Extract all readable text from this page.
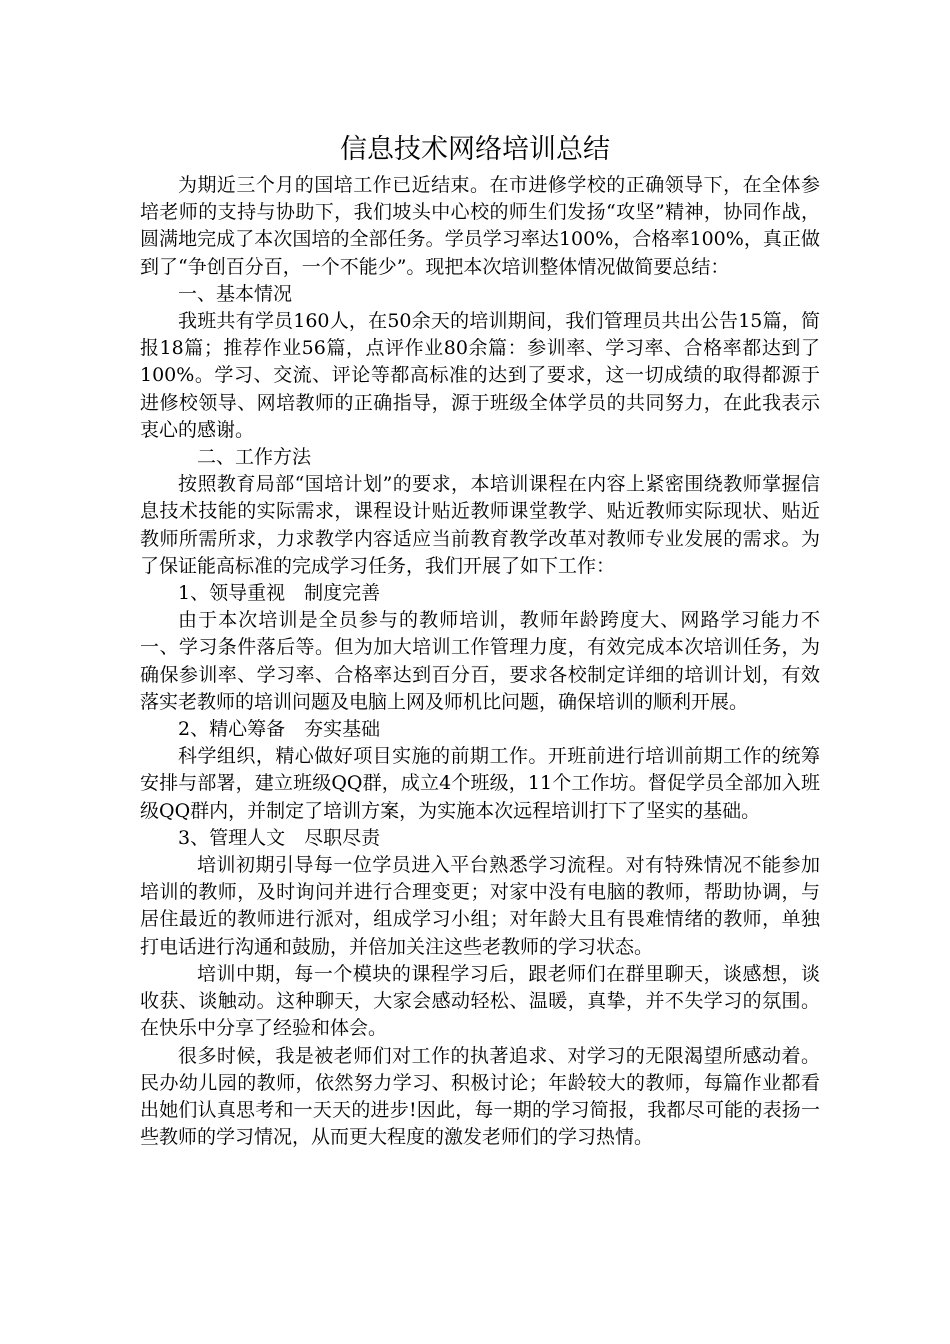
信息技术网络培训总结

为期近三个月的国培工作已近结束。在市进修学校的正确领导下，在全体参培老师的支持与协助下，我们坡头中心校的师生们发扬“攻坚”精神，协同作战，圆满地完成了本次国培的全部任务。学员学习率达100%，合格率100%，真正做到了“争创百分百，一个不能少”。现把本次培训整体情况做简要总结：

一、基本情况

我班共有学员160人，在50余天的培训期间，我们管理员共出公告15篇，简报18篇；推荐作业56篇，点评作业80余篇：参训率、学习率、合格率都达到了100%。学习、交流、评论等都高标准的达到了要求，这一切成绩的取得都源于进修校领导、网培教师的正确指导，源于班级全体学员的共同努力，在此我表示衷心的感谢。

二、工作方法

按照教育局部“国培计划”的要求，本培训课程在内容上紧密围绕教师掌握信息技术技能的实际需求，课程设计贴近教师课堂教学、贴近教师实际现状、贴近教师所需所求，力求教学内容适应当前教育教学改革对教师专业发展的需求。为了保证能高标准的完成学习任务，我们开展了如下工作：

1、领导重视　制度完善

由于本次培训是全员参与的教师培训，教师年龄跨度大、网路学习能力不一、学习条件落后等。但为加大培训工作管理力度，有效完成本次培训任务，为确保参训率、学习率、合格率达到百分百，要求各校制定详细的培训计划，有效落实老教师的培训问题及电脑上网及师机比问题，确保培训的顺利开展。

2、精心筹备　夯实基础

科学组织，精心做好项目实施的前期工作。开班前进行培训前期工作的统筹安排与部署，建立班级QQ群，成立4个班级，11个工作坊。督促学员全部加入班级QQ群内，并制定了培训方案，为实施本次远程培训打下了坚实的基础。

3、管理人文　尽职尽责

培训初期引导每一位学员进入平台熟悉学习流程。对有特殊情况不能参加培训的教师，及时询问并进行合理变更；对家中没有电脑的教师，帮助协调，与居住最近的教师进行派对，组成学习小组；对年龄大且有畏难情绪的教师，单独打电话进行沟通和鼓励，并倍加关注这些老教师的学习状态。

培训中期，每一个模块的课程学习后，跟老师们在群里聊天，谈感想，谈收获、谈触动。这种聊天，大家会感动轻松、温暖，真挚，并不失学习的氛围。在快乐中分享了经验和体会。

很多时候，我是被老师们对工作的执著追求、对学习的无限渴望所感动着。民办幼儿园的教师，依然努力学习、积极讨论；年龄较大的教师，每篇作业都看出她们认真思考和一天天的进步!因此，每一期的学习简报，我都尽可能的表扬一些教师的学习情况，从而更大程度的激发老师们的学习热情。
